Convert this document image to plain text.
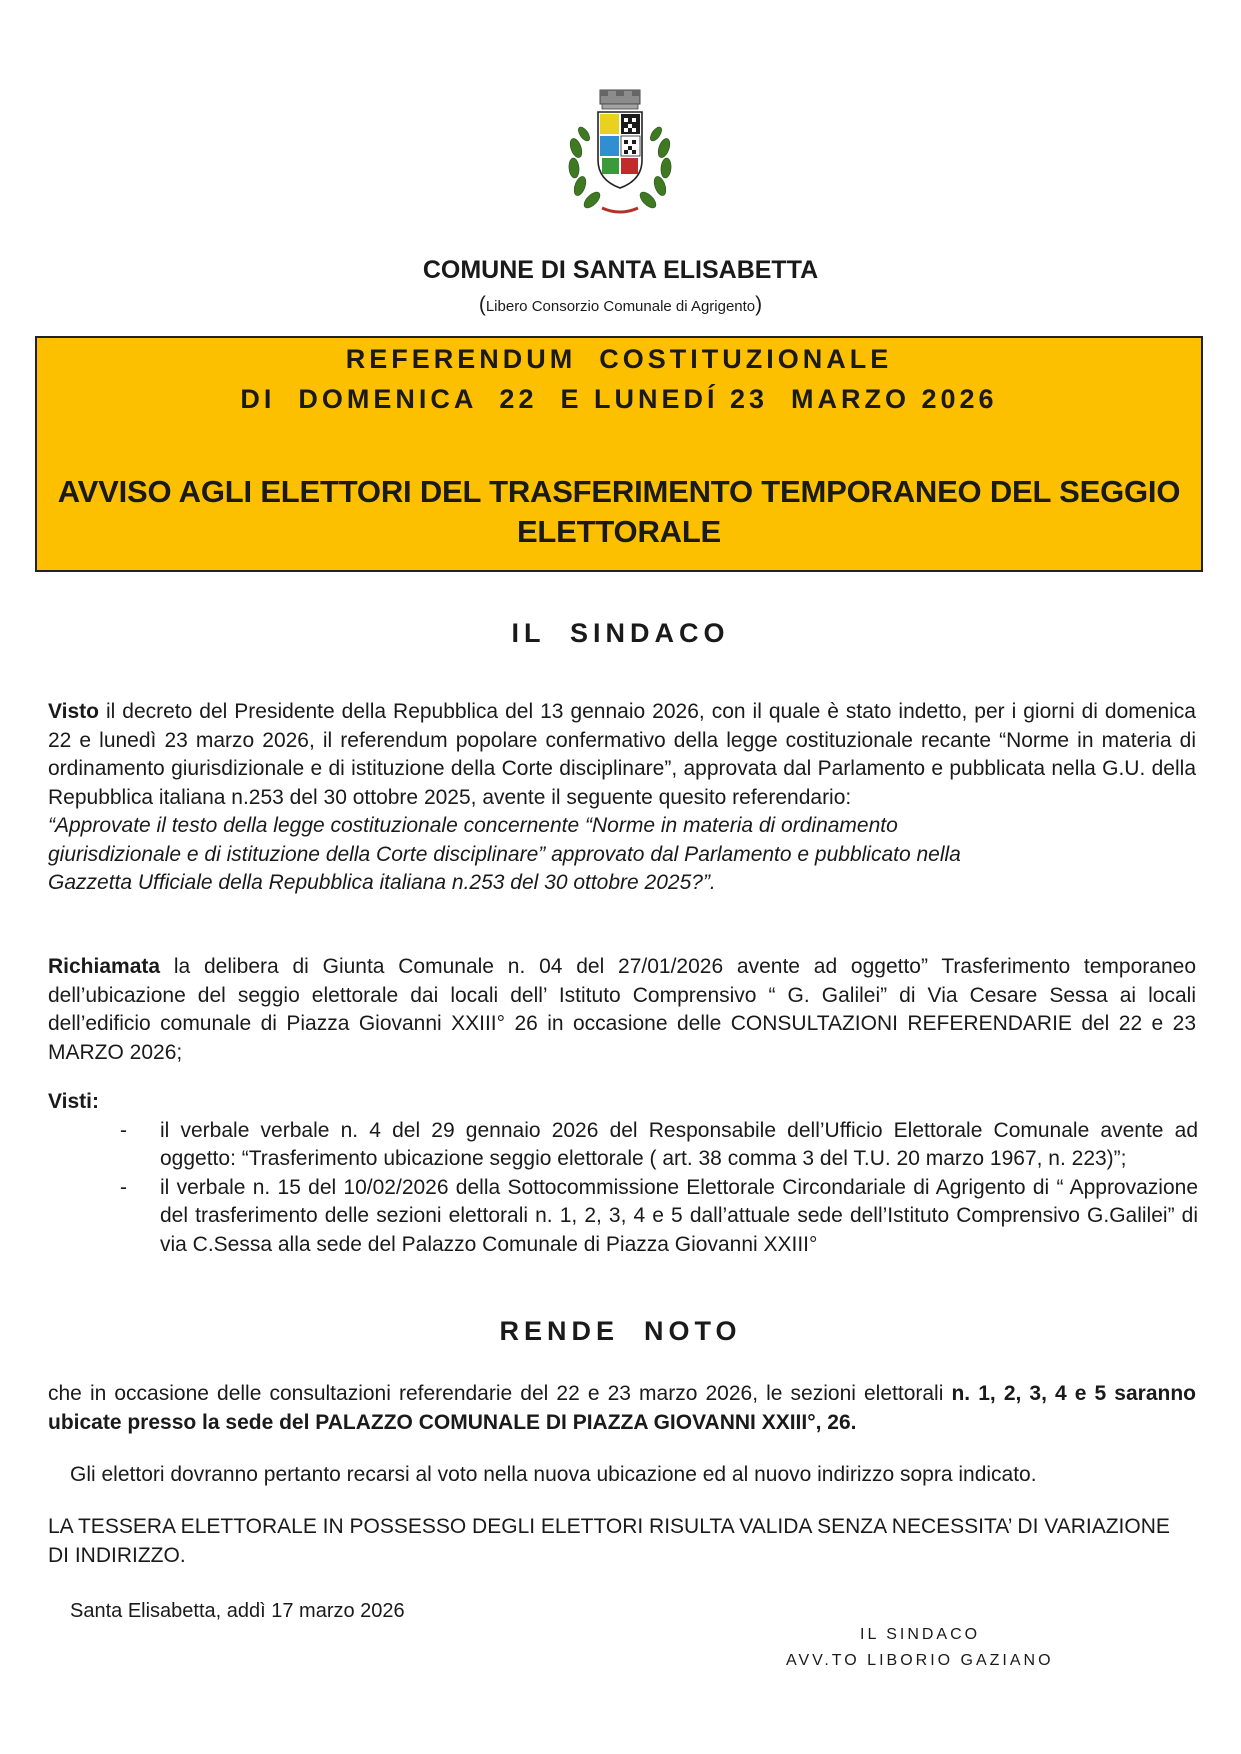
COMUNE DI SANTA ELISABETTA
(Libero Consorzio Comunale di Agrigento)
REFERENDUM  COSTITUZIONALE
DI  DOMENICA  22  E LUNEDÍ 23  MARZO 2026
AVVISO AGLI ELETTORI DEL TRASFERIMENTO TEMPORANEO DEL SEGGIO ELETTORALE
IL  SINDACO
Visto il decreto del Presidente della Repubblica del 13 gennaio 2026, con il quale è stato indetto, per i giorni di domenica 22 e lunedì 23 marzo 2026, il referendum popolare confermativo della legge costituzionale recante “Norme in materia di ordinamento giurisdizionale e di istituzione della Corte disciplinare”, approvata dal Parlamento e pubblicata nella G.U. della Repubblica italiana n.253 del 30 ottobre 2025, avente il seguente quesito referendario:
“Approvate il testo della legge costituzionale concernente “Norme in materia di ordinamento
giurisdizionale e di istituzione della Corte disciplinare” approvato dal Parlamento e pubblicato nella
Gazzetta Ufficiale della Repubblica italiana n.253 del 30 ottobre 2025?”.
Richiamata la delibera di Giunta Comunale n. 04 del 27/01/2026 avente ad oggetto” Trasferimento temporaneo dell’ubicazione del seggio elettorale dai locali dell’ Istituto Comprensivo “ G. Galilei” di Via Cesare Sessa ai locali dell’edificio comunale di Piazza Giovanni XXIII° 26 in occasione delle CONSULTAZIONI REFERENDARIE del 22 e 23 MARZO 2026;
Visti:
- il verbale verbale n. 4 del 29 gennaio 2026 del Responsabile dell’Ufficio Elettorale Comunale avente ad oggetto: “Trasferimento ubicazione seggio elettorale ( art. 38 comma 3 del T.U. 20 marzo 1967, n. 223)”;
- il verbale n. 15 del 10/02/2026 della Sottocommissione Elettorale Circondariale di Agrigento di “ Approvazione del trasferimento delle sezioni elettorali n. 1, 2, 3, 4 e 5 dall’attuale sede dell’Istituto Comprensivo G.Galilei” di via C.Sessa alla sede del Palazzo Comunale di Piazza Giovanni XXIII°
RENDE  NOTO
che in occasione delle consultazioni referendarie del 22 e 23 marzo 2026, le sezioni elettorali n. 1, 2, 3, 4 e 5 saranno ubicate presso la sede del PALAZZO COMUNALE DI PIAZZA GIOVANNI XXIII°, 26.
Gli elettori dovranno pertanto recarsi al voto nella nuova ubicazione ed al nuovo indirizzo sopra indicato.
LA TESSERA ELETTORALE IN POSSESSO DEGLI ELETTORI RISULTA VALIDA SENZA NECESSITA’ DI VARIAZIONE DI INDIRIZZO.
Santa Elisabetta, addì 17 marzo 2026
IL SINDACO
AVV.TO LIBORIO GAZIANO
